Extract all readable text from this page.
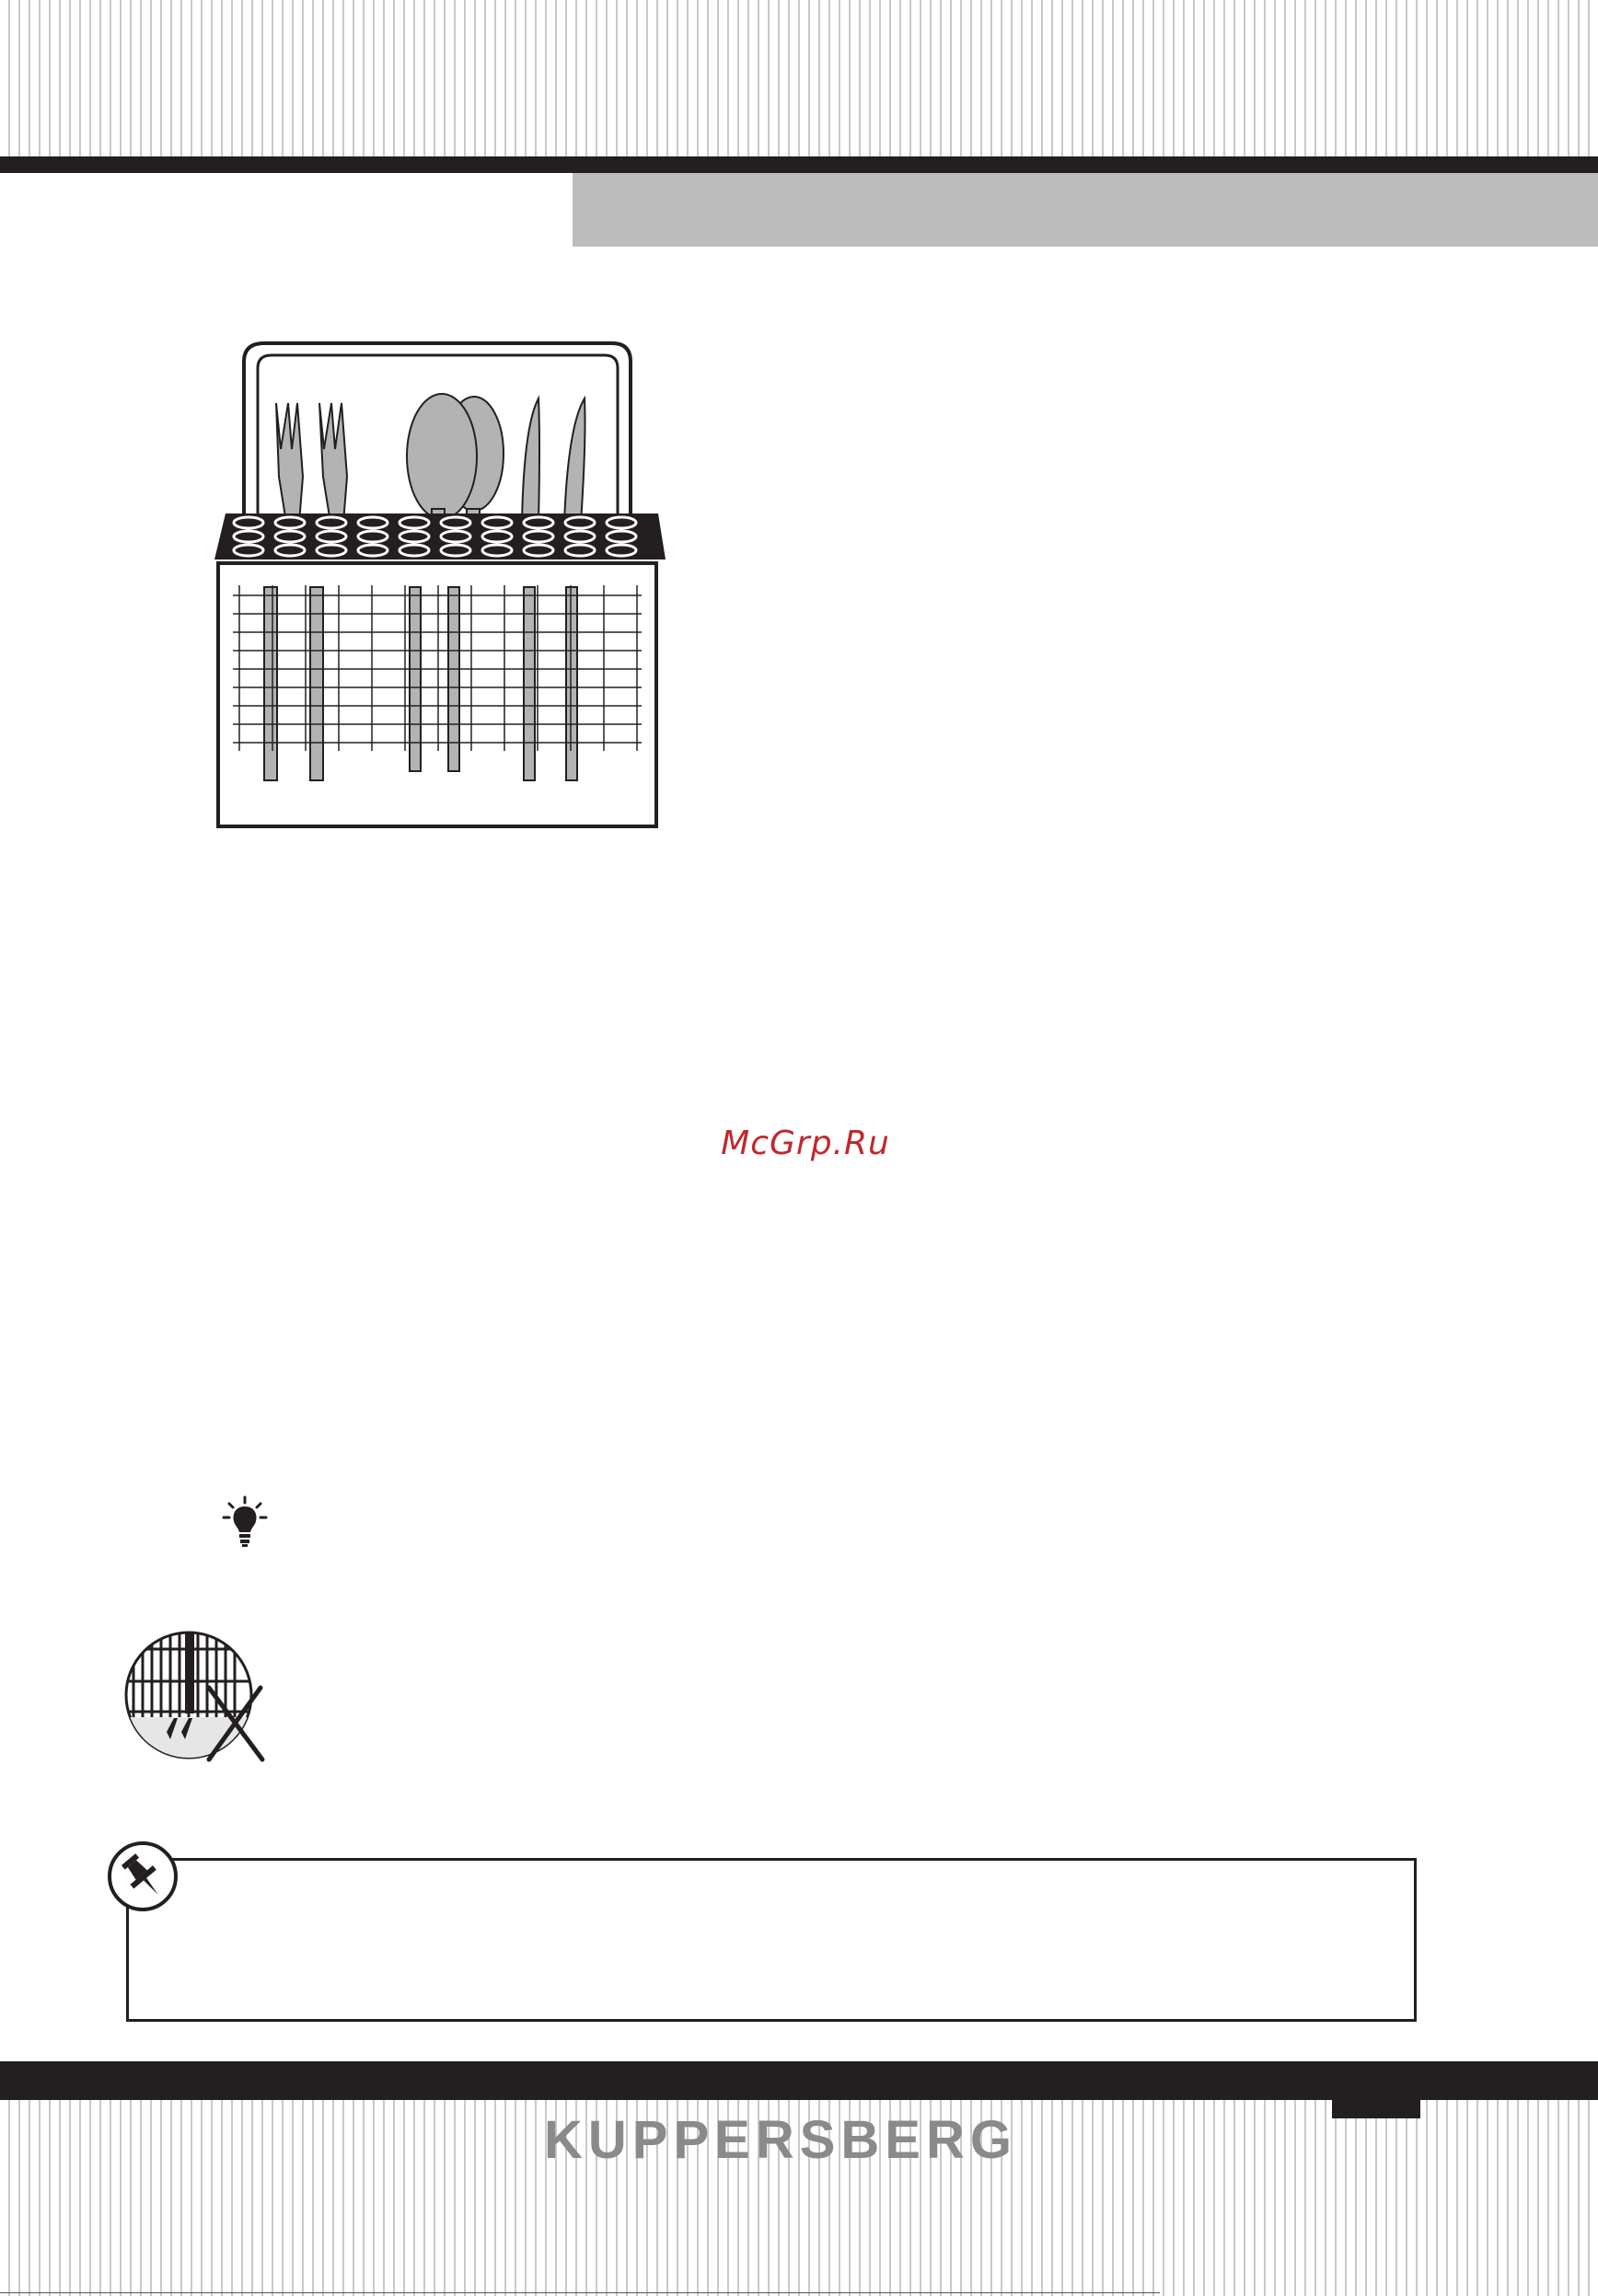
McGrp.Ru
KUPPERSBERG
